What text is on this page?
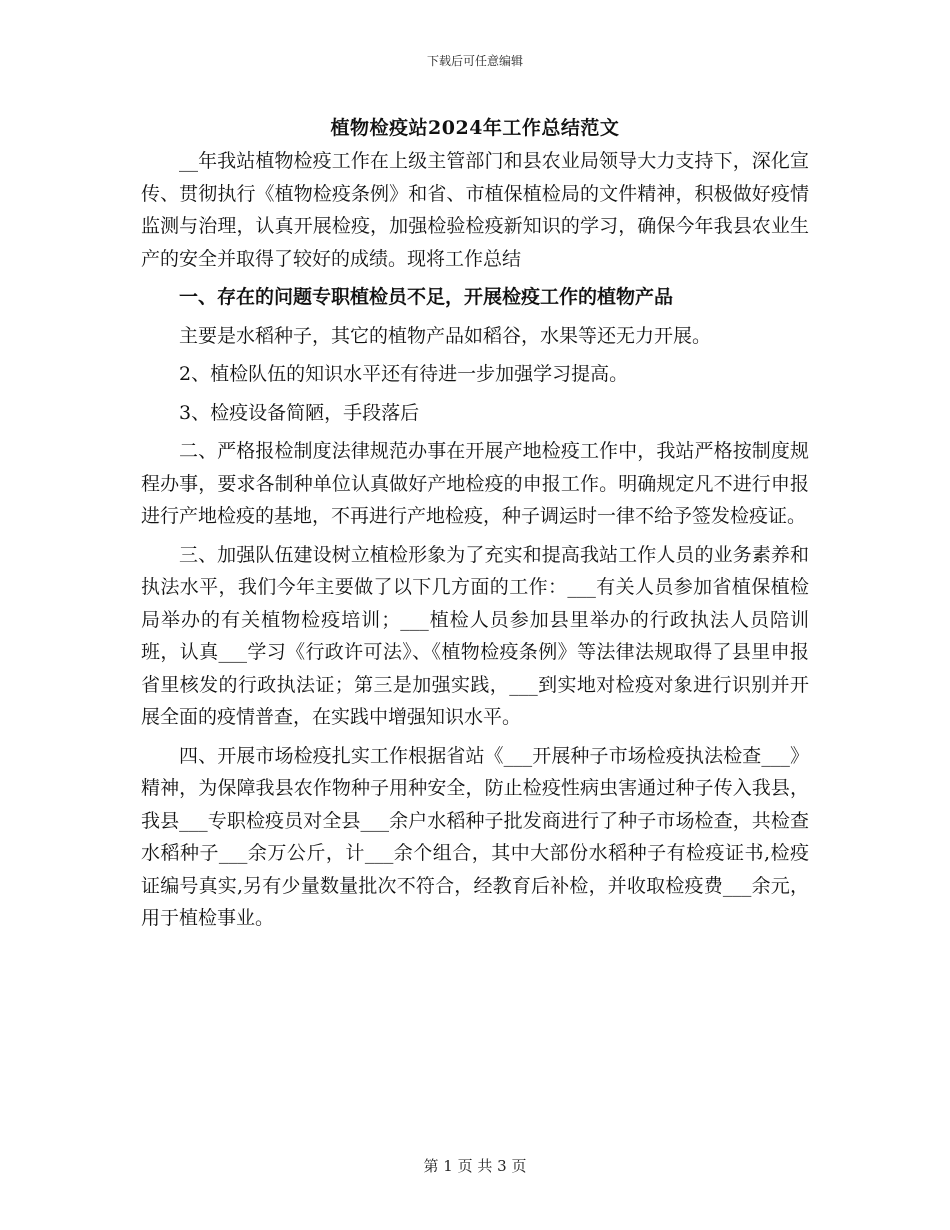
下载后可任意编辑
植物检疫站2024年工作总结范文

__年我站植物检疫工作在上级主管部门和县农业局领导大力支持下，深化宣传、贯彻执行《植物检疫条例》和省、市植保植检局的文件精神，积极做好疫情监测与治理，认真开展检疫，加强检验检疫新知识的学习，确保今年我县农业生产的安全并取得了较好的成绩。现将工作总结

一、存在的问题专职植检员不足，开展检疫工作的植物产品

主要是水稻种子，其它的植物产品如稻谷，水果等还无力开展。

2、植检队伍的知识水平还有待进一步加强学习提高。

3、检疫设备简陋，手段落后

二、严格报检制度法律规范办事在开展产地检疫工作中，我站严格按制度规程办事，要求各制种单位认真做好产地检疫的申报工作。明确规定凡不进行申报进行产地检疫的基地，不再进行产地检疫，种子调运时一律不给予签发检疫证。

三、加强队伍建设树立植检形象为了充实和提高我站工作人员的业务素养和执法水平，我们今年主要做了以下几方面的工作：___有关人员参加省植保植检局举办的有关植物检疫培训；___植检人员参加县里举办的行政执法人员陪训班，认真___学习《行政许可法》、《植物检疫条例》等法律法规取得了县里申报省里核发的行政执法证；第三是加强实践，___到实地对检疫对象进行识别并开展全面的疫情普查，在实践中增强知识水平。

四、开展市场检疫扎实工作根据省站《___开展种子市场检疫执法检查___》精神，为保障我县农作物种子用种安全，防止检疫性病虫害通过种子传入我县，我县___专职检疫员对全县___余户水稻种子批发商进行了种子市场检查，共检查水稻种子___余万公斤，计___余个组合，其中大部份水稻种子有检疫证书,检疫证编号真实,另有少量数量批次不符合，经教育后补检，并收取检疫费___余元，用于植检事业。

第 1 页 共 3 页
